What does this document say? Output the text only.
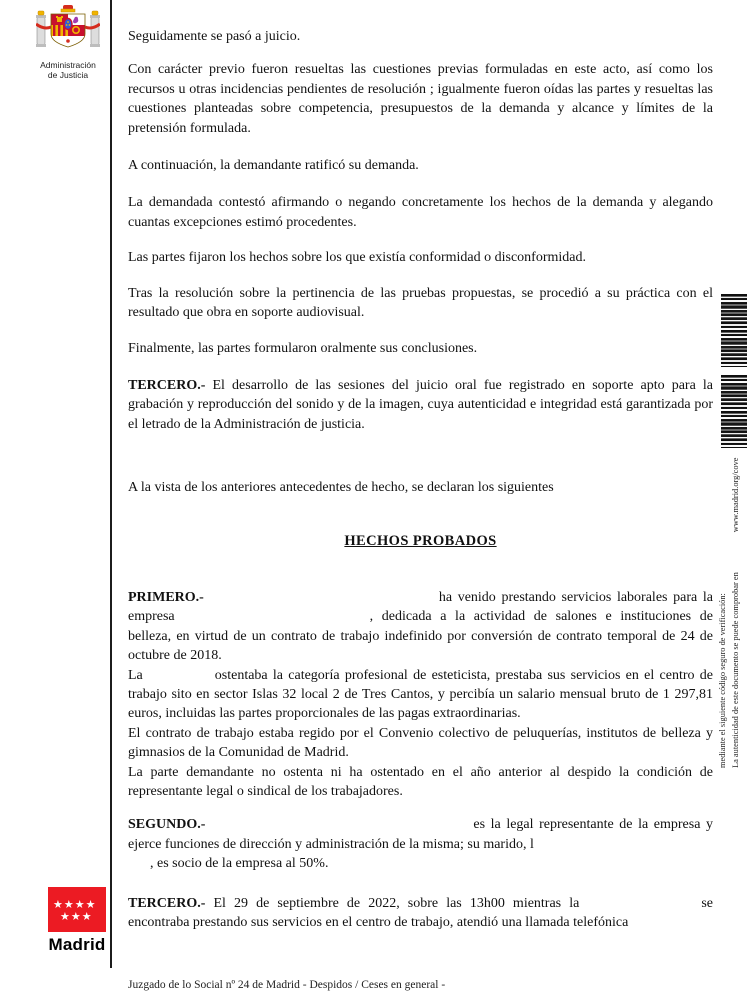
Administración
de Justicia

Seguidamente se pasó a juicio.

Con carácter previo fueron resueltas las cuestiones previas formuladas en este acto, así como los recursos u otras incidencias pendientes de resolución ; igualmente fueron oídas las partes y resueltas las cuestiones planteadas sobre competencia, presupuestos de la demanda y alcance y límites de la pretensión formulada.

A continuación, la demandante ratificó su demanda.

La demandada contestó afirmando o negando concretamente los hechos de la demanda y alegando cuantas excepciones estimó procedentes.

Las partes fijaron los hechos sobre los que existía conformidad o disconformidad.

Tras la resolución sobre la pertinencia de las pruebas propuestas, se procedió a su práctica con el resultado que obra en soporte audiovisual.

Finalmente, las partes formularon oralmente sus conclusiones.

TERCERO.- El desarrollo de las sesiones del juicio oral fue registrado en soporte apto para la grabación y reproducción del sonido y de la imagen, cuya autenticidad e integridad está garantizada por el letrado de la Administración de justicia.

A la vista de los anteriores antecedentes de hecho, se declaran los siguientes

HECHOS PROBADOS

PRIMERO.-	ha venido prestando servicios laborales para la empresa	, dedicada a la actividad de salones e instituciones de belleza, en virtud de un contrato de trabajo indefinido por conversión de contrato temporal de 24 de octubre de 2018.

La	ostentaba la categoría profesional de esteticista, prestaba sus servicios en el centro de trabajo sito en sector Islas 32 local 2 de Tres Cantos, y percibía un salario mensual bruto de 1 297,81 euros, incluidas las partes proporcionales de las pagas extraordinarias.

El contrato de trabajo estaba regido por el Convenio colectivo de peluquerías, institutos de belleza y gimnasios de la Comunidad de Madrid.

La parte demandante no ostenta ni ha ostentado en el año anterior al despido la condición de representante legal o sindical de los trabajadores.

SEGUNDO.-	es la legal representante de la empresa y ejerce funciones de dirección y administración de la misma; su marido, l
, es socio de la empresa al 50%.

TERCERO.- El 29 de septiembre de 2022, sobre las 13h00 mientras la	se encontraba prestando sus servicios en el centro de trabajo, atendió una llamada telefónica

mediante el siguiente código seguro de verificación: La autenticidad de este documento se puede comprobar enwww.madrid.org/cove
★★★★
★★★
Madrid
Juzgado de lo Social nº 24 de Madrid - Despidos / Ceses en general -
